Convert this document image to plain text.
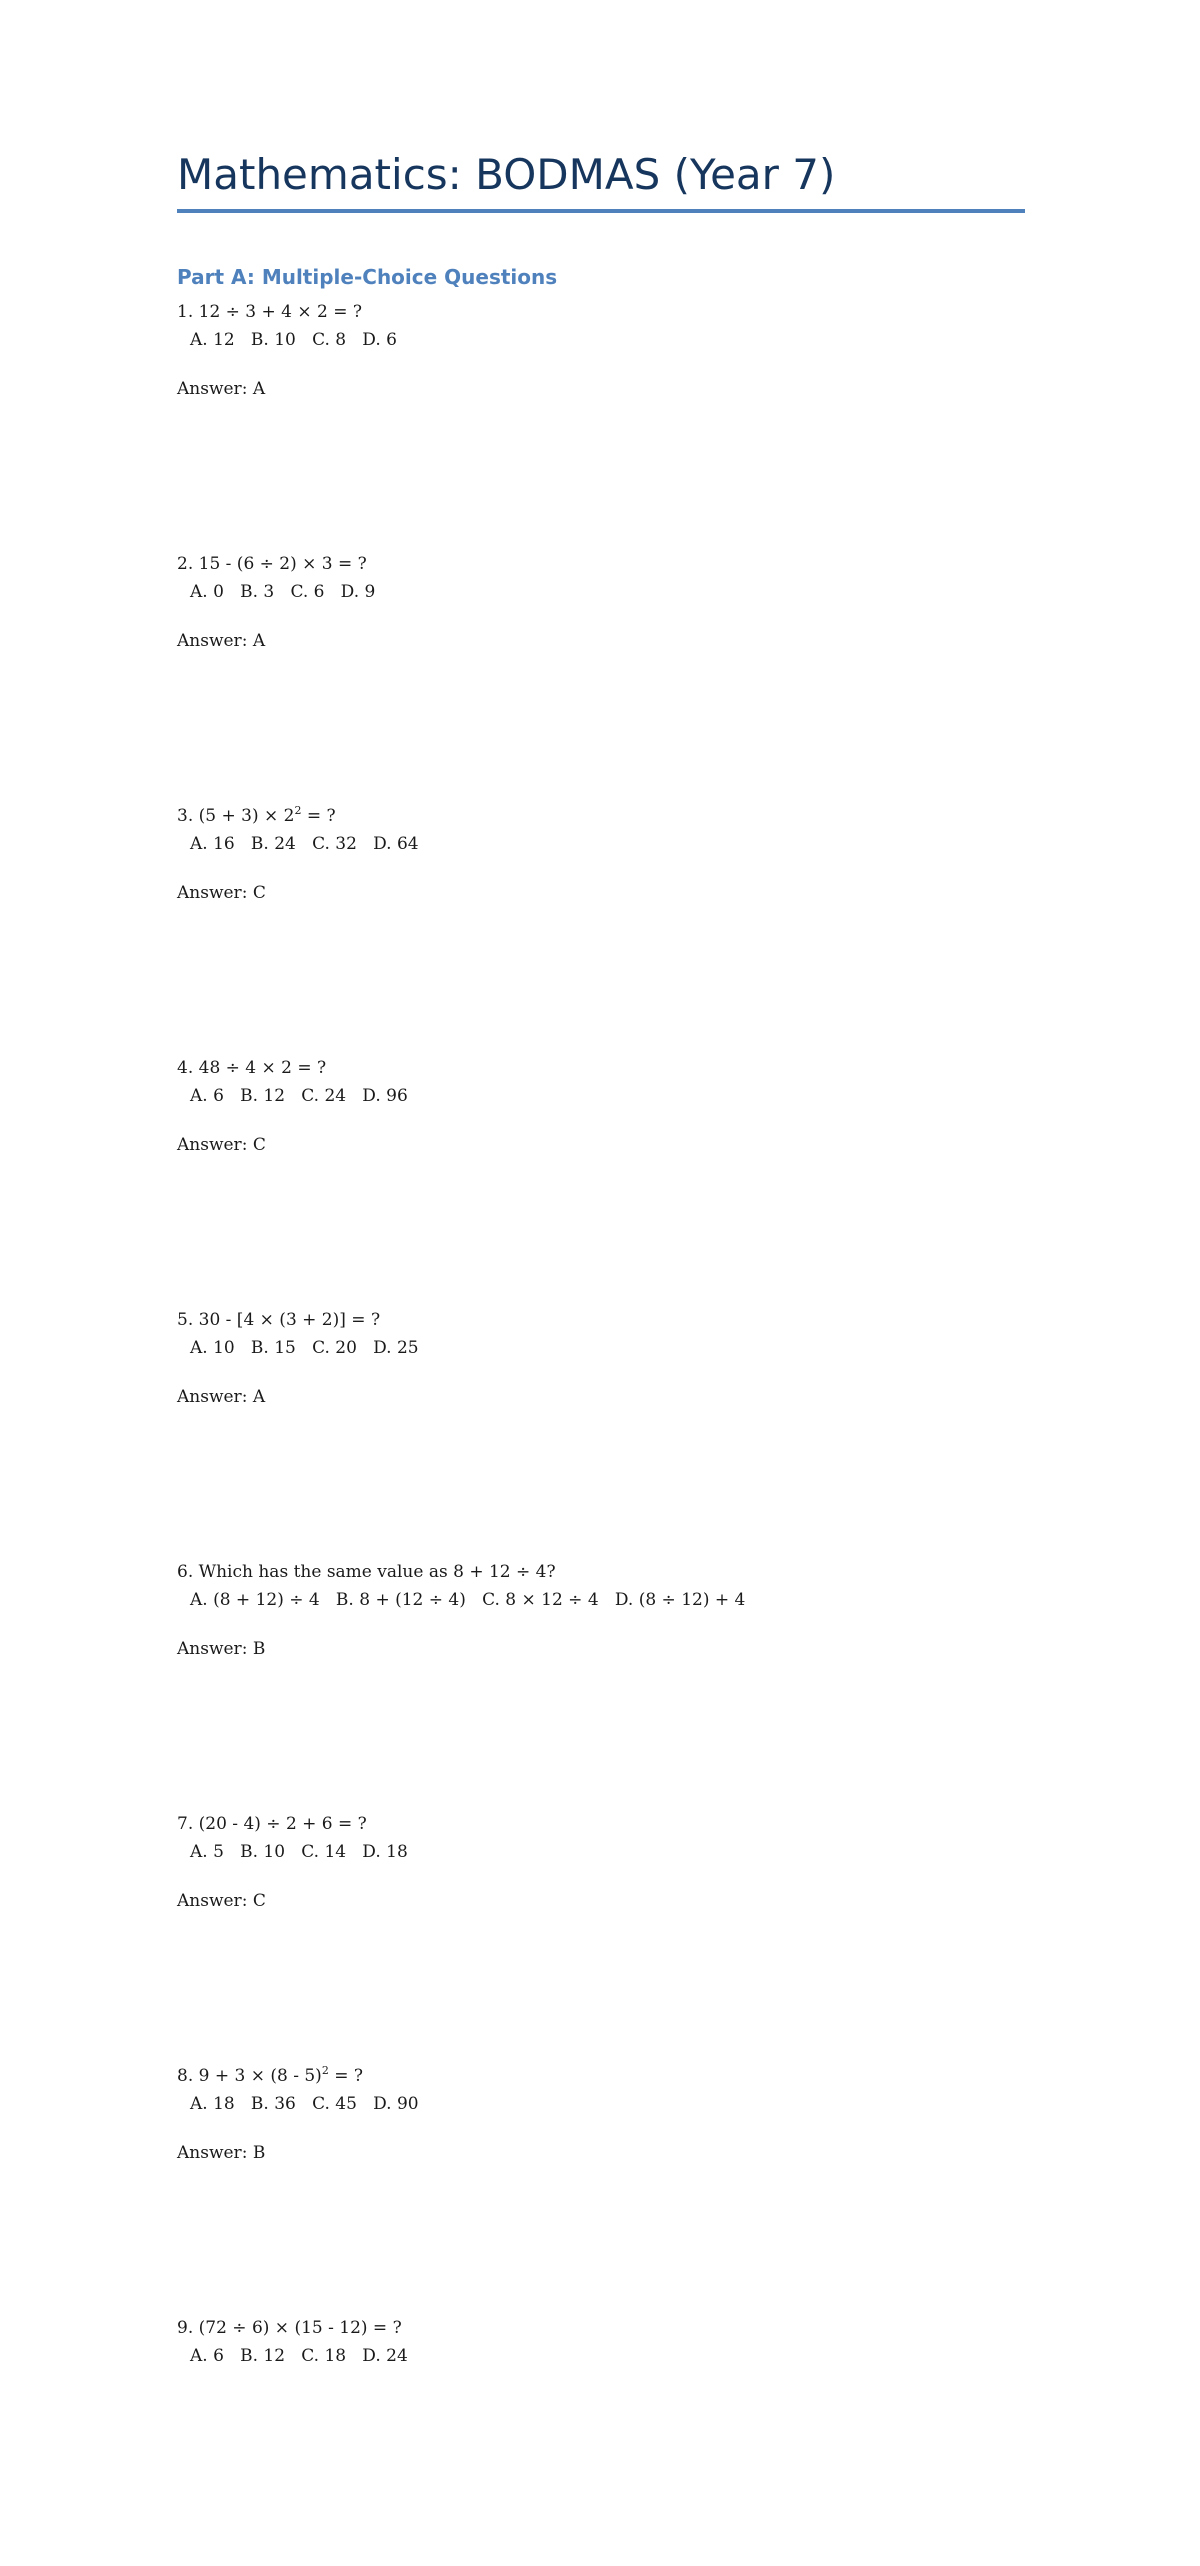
Mathematics: BODMAS (Year 7)
Part A: Multiple-Choice Questions
1. 12 ÷ 3 + 4 × 2 = ?
A. 12   B. 10   C. 8   D. 6
Answer: A
2. 15 - (6 ÷ 2) × 3 = ?
A. 0   B. 3   C. 6   D. 9
Answer: A
3. $(5 + 3) \times 2^2$ = ?
A. 16   B. 24   C. 32   D. 64
Answer: C
4. 48 ÷ 4 × 2 = ?
A. 6   B. 12   C. 24   D. 96
Answer: C
5. 30 - [4 × (3 + 2)] = ?
A. 10   B. 15   C. 20   D. 25
Answer: A
6. Which has the same value as 8 + 12 ÷ 4?
A. (8 + 12) ÷ 4   B. 8 + (12 ÷ 4)   C. 8 × 12 ÷ 4   D. (8 ÷ 12) + 4
Answer: B
7. (20 - 4) ÷ 2 + 6 = ?
A. 5   B. 10   C. 14   D. 18
Answer: C
8. 9 + 3 × (8 - 5)$^2$ = ?
A. 18   B. 36   C. 45   D. 90
Answer: B
9. (72 ÷ 6) × (15 - 12) = ?
A. 6   B. 12   C. 18   D. 24
